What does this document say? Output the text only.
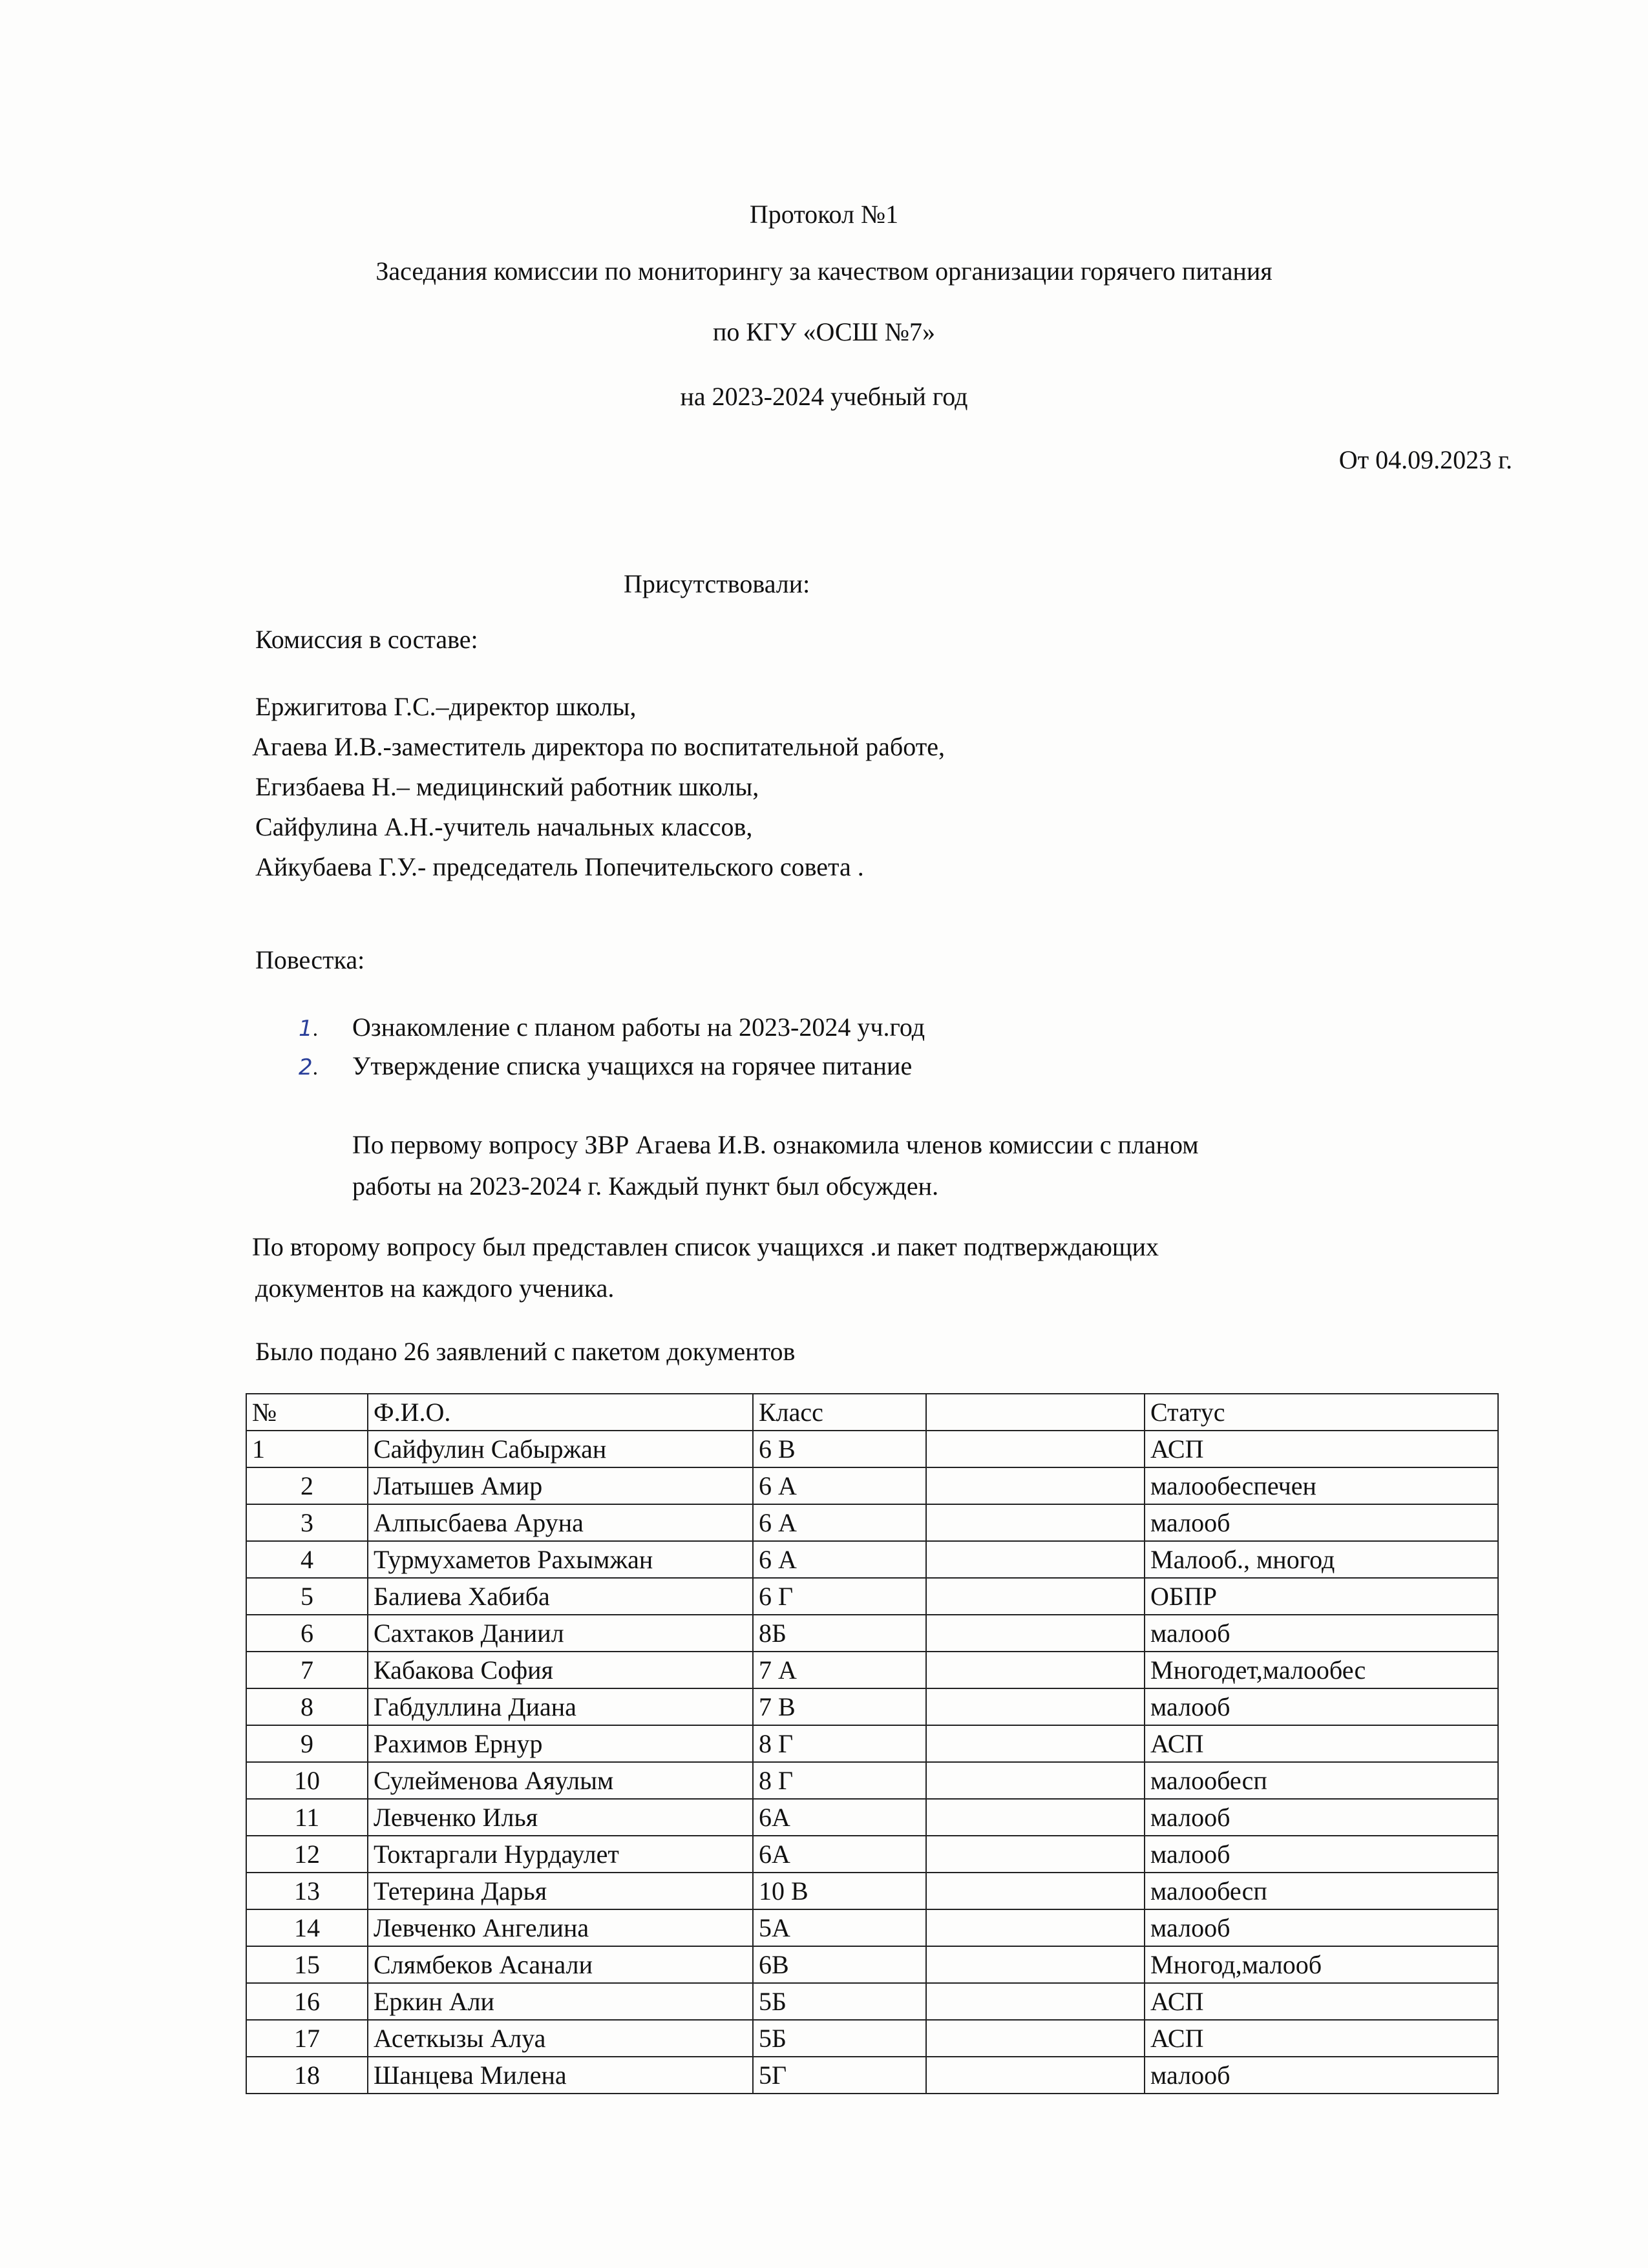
Протокол №1
Заседания комиссии по мониторингу за качеством организации горячего питания
по КГУ «ОСШ №7»
на 2023-2024 учебный год
От 04.09.2023 г.
Присутствовали:
Комиссия в составе:
Ержигитова Г.С.–директор школы,
Агаева И.В.-заместитель директора по воспитательной работе,
Егизбаева Н.– медицинский работник школы,
Сайфулина А.Н.-учитель начальных классов,
Айкубаева Г.У.- председатель Попечительского совета .
Повестка:
1. Ознакомление с планом работы на 2023-2024 уч.год
2. Утверждение списка учащихся на горячее питание
По первому вопросу ЗВР Агаева И.В. ознакомила членов комиссии с планом
работы на 2023-2024 г. Каждый пункт был обсужден.
По второму вопросу был представлен список учащихся .и пакет подтверждающих
документов на каждого ученика.
Было подано 26 заявлений с пакетом документов
№	Ф.И.О.	Класс		Статус
1	Сайфулин Сабыржан	6 В		АСП
2	Латышев Амир	6 А		малообеспечен
3	Алпысбаева Аруна	6 А		малооб
4	Турмухаметов Рахымжан	6 А		Малооб., многод
5	Балиева Хабиба	6 Г		ОБПР
6	Сахтаков Даниил	8Б		малооб
7	Кабакова София	7 А		Многодет,малообес
8	Габдуллина Диана	7 В		малооб
9	Рахимов Ернур	8 Г		АСП
10	Сулейменова Аяулым	8 Г		малообесп
11	Левченко Илья	6А		малооб
12	Токтаргали Нурдаулет	6А		малооб
13	Тетерина Дарья	10 В		малообесп
14	Левченко Ангелина	5А		малооб
15	Слямбеков Асанали	6В		Многод,малооб
16	Еркин Али	5Б		АСП
17	Асеткызы Алуа	5Б		АСП
18	Шанцева Милена	5Г		малооб
